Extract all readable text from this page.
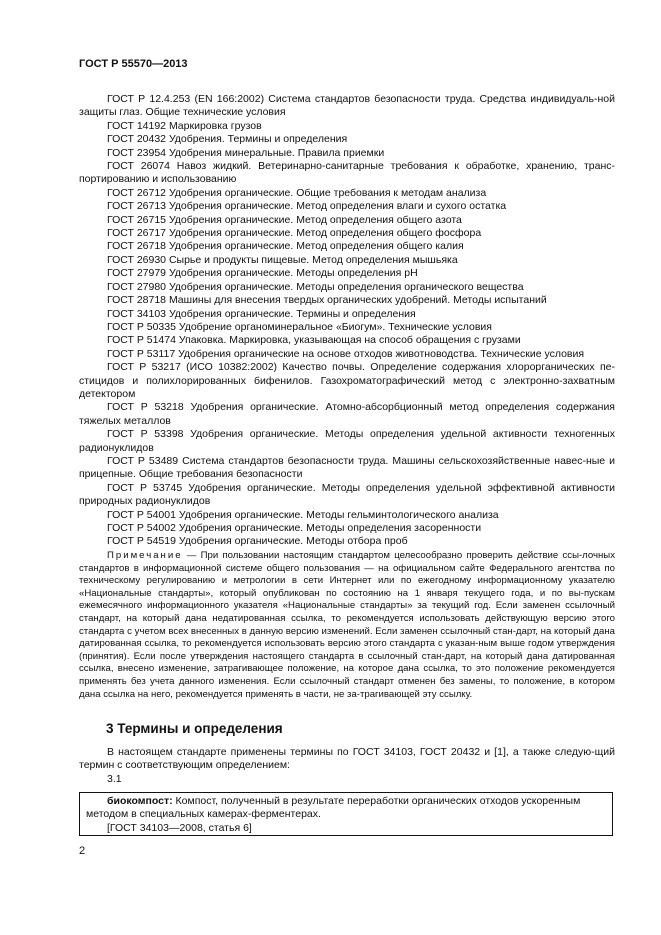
ГОСТ Р 55570—2013

ГОСТ Р 12.4.253 (EN 166:2002) Система стандартов безопасности труда. Средства индивидуаль-ной защиты глаз. Общие технические условия

ГОСТ 14192 Маркировка грузов

ГОСТ 20432 Удобрения. Термины и определения

ГОСТ 23954 Удобрения минеральные. Правила приемки

ГОСТ 26074 Навоз жидкий. Ветеринарно-санитарные требования к обработке, хранению, транс-портированию и использованию

ГОСТ 26712 Удобрения органические. Общие требования к методам анализа

ГОСТ 26713 Удобрения органические. Метод определения влаги и сухого остатка

ГОСТ 26715 Удобрения органические. Метод определения общего азота

ГОСТ 26717 Удобрения органические. Метод определения общего фосфора

ГОСТ 26718 Удобрения органические. Метод определения общего калия

ГОСТ 26930 Сырье и продукты пищевые. Метод определения мышьяка

ГОСТ 27979 Удобрения органические. Методы определения рН

ГОСТ 27980 Удобрения органические. Методы определения органического вещества

ГОСТ 28718 Машины для внесения твердых органических удобрений. Методы испытаний

ГОСТ 34103 Удобрения органические. Термины и определения

ГОСТ Р 50335 Удобрение органоминеральное «Биогум». Технические условия

ГОСТ Р 51474 Упаковка. Маркировка, указывающая на способ обращения с грузами

ГОСТ Р 53117 Удобрения органические на основе отходов животноводства. Технические условия

ГОСТ Р 53217 (ИСО 10382:2002) Качество почвы. Определение содержания хлорорганических пе-стицидов и полихлорированных бифенилов. Газохроматографический метод с электронно-захватным детектором

ГОСТ Р 53218 Удобрения органические. Атомно-абсорбционный метод определения содержания тяжелых металлов

ГОСТ Р 53398 Удобрения органические. Методы определения удельной активности техногенных радионуклидов

ГОСТ Р 53489 Система стандартов безопасности труда. Машины сельскохозяйственные навес-ные и прицепные. Общие требования безопасности

ГОСТ Р 53745 Удобрения органические. Методы определения удельной эффективной активности природных радионуклидов

ГОСТ Р 54001 Удобрения органические. Методы гельминтологического анализа

ГОСТ Р 54002 Удобрения органические. Методы определения засоренности

ГОСТ Р 54519 Удобрения органические. Методы отбора проб

Примечание — При пользовании настоящим стандартом целесообразно проверить действие ссы-лочных стандартов в информационной системе общего пользования — на официальном сайте Федерального агентства по техническому регулированию и метрологии в сети Интернет или по ежегодному информационному указателю «Национальные стандарты», который опубликован по состоянию на 1 января текущего года, и по вы-пускам ежемесячного информационного указателя «Национальные стандарты» за текущий год. Если заменен ссылочный стандарт, на который дана недатированная ссылка, то рекомендуется использовать действующую версию этого стандарта с учетом всех внесенных в данную версию изменений. Если заменен ссылочный стан-дарт, на который дана датированная ссылка, то рекомендуется использовать версию этого стандарта с указан-ным выше годом утверждения (принятия). Если после утверждения настоящего стандарта в ссылочный стан-дарт, на который дана датированная ссылка, внесено изменение, затрагивающее положение, на которое дана ссылка, то это положение рекомендуется применять без учета данного изменения. Если ссылочный стандарт отменен без замены, то положение, в котором дана ссылка на него, рекомендуется применять в части, не за-трагивающей эту ссылку.

3 Термины и определения

В настоящем стандарте применены термины по ГОСТ 34103, ГОСТ 20432 и [1], а также следую-щий термин с соответствующим определением:

3.1

биокомпост: Компост, полученный в результате переработки органических отходов ускоренным методом в специальных камерах-ферментерах.

[ГОСТ 34103—2008, статья 6]

2
